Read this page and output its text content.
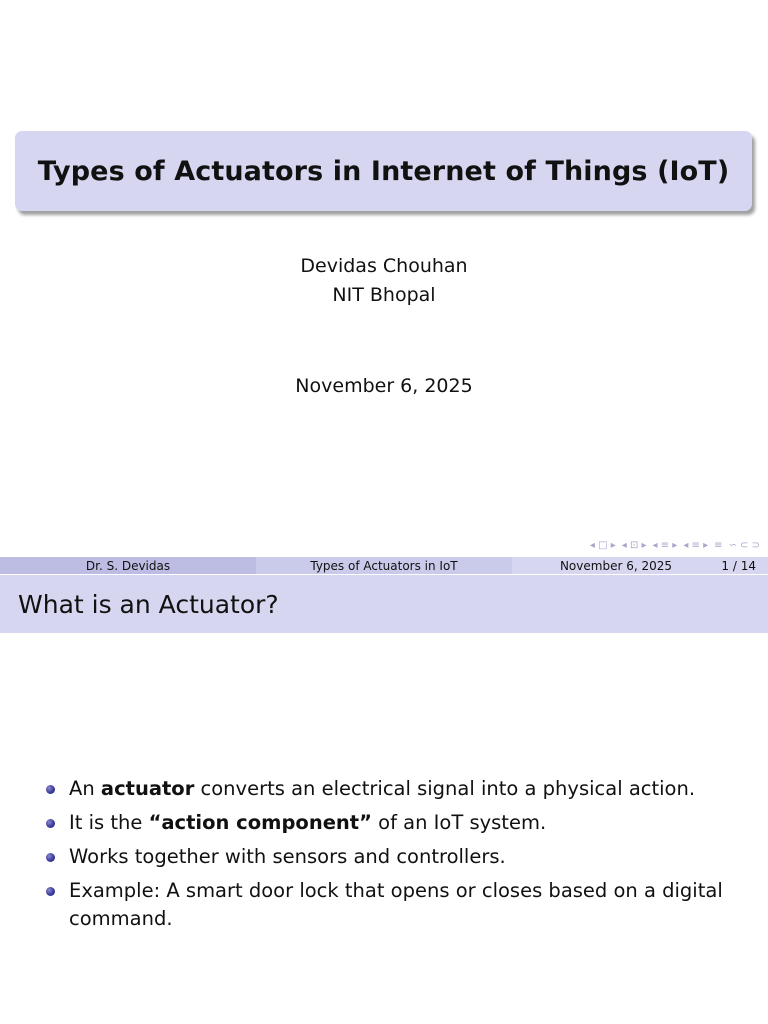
Types of Actuators in Internet of Things (IoT)
Devidas Chouhan
NIT Bhopal
November 6, 2025
◂ □ ▸ ◂ ⊡ ▸ ◂ ≡ ▸ ◂ ≡ ▸ ≡ ∽ ⊂ ⊃
Dr. S. Devidas	Types of Actuators in IoT	November 6, 2025	1 / 14
What is an Actuator?
An actuator converts an electrical signal into a physical action.
It is the “action component” of an IoT system.
Works together with sensors and controllers.
Example: A smart door lock that opens or closes based on a digital command.
